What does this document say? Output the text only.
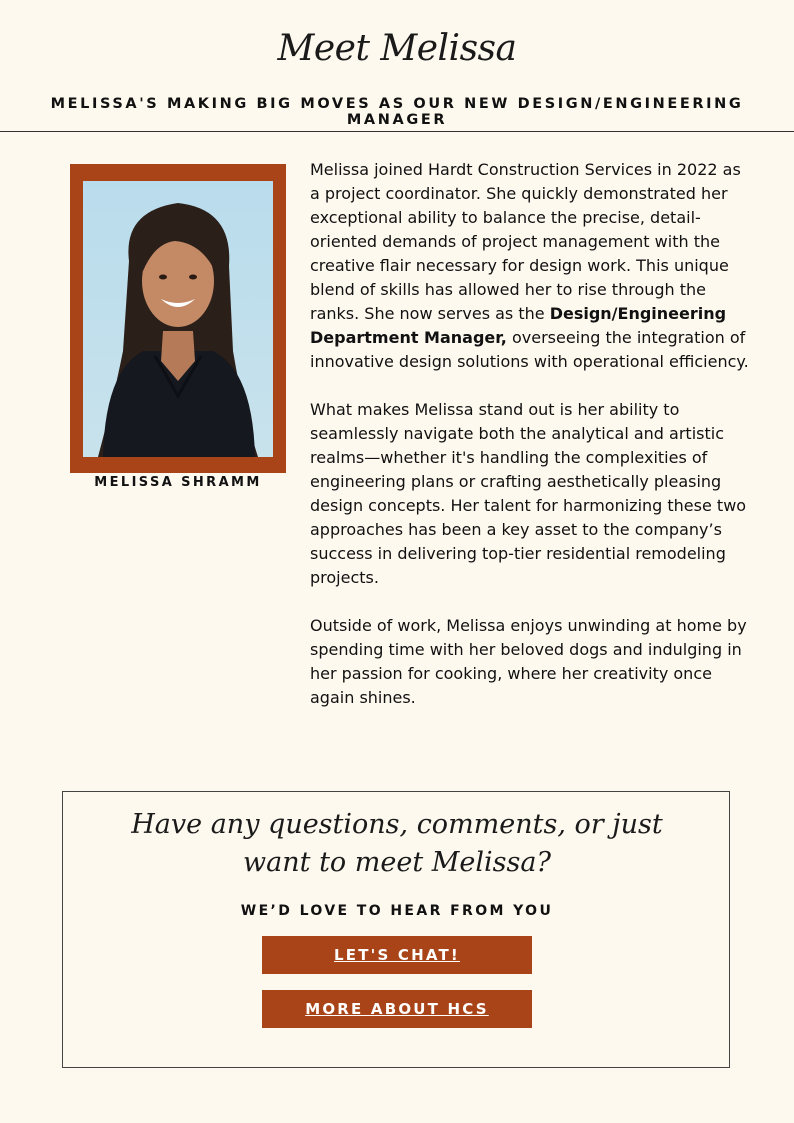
Meet Melissa
MELISSA'S MAKING BIG MOVES AS OUR NEW DESIGN/ENGINEERING MANAGER
MELISSA SHRAMM

Melissa joined Hardt Construction Services in 2022 as a project coordinator. She quickly demonstrated her exceptional ability to balance the precise, detail-oriented demands of project management with the creative flair necessary for design work. This unique blend of skills has allowed her to rise through the ranks. She now serves as the Design/Engineering Department Manager, overseeing the integration of innovative design solutions with operational efficiency.

What makes Melissa stand out is her ability to seamlessly navigate both the analytical and artistic realms—whether it's handling the complexities of engineering plans or crafting aesthetically pleasing design concepts. Her talent for harmonizing these two approaches has been a key asset to the company’s success in delivering top-tier residential remodeling projects.

Outside of work, Melissa enjoys unwinding at home by spending time with her beloved dogs and indulging in her passion for cooking, where her creativity once again shines.

Have any questions, comments, or just
want to meet Melissa?
WE’D LOVE TO HEAR FROM YOU
LET'S CHAT!
MORE ABOUT HCS
